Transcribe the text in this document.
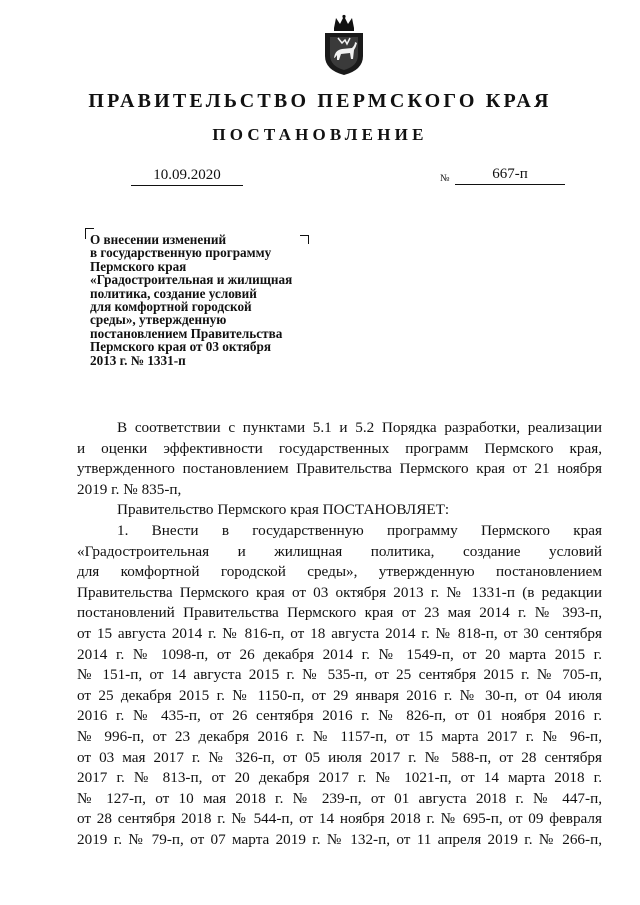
ПРАВИТЕЛЬСТВО ПЕРМСКОГО КРАЯ
ПОСТАНОВЛЕНИЕ
10.09.2020	№	667-п
О внесении изменений
в государственную программу
Пермского края
«Градостроительная и жилищная
политика, создание условий
для комфортной городской
среды», утвержденную
постановлением Правительства
Пермского края от 03 октября
2013 г. № 1331-п
В соответствии с пунктами 5.1 и 5.2 Порядка разработки, реализации
и оценки эффективности государственных программ Пермского края,
утвержденного постановлением Правительства Пермского края от 21 ноября
2019 г. № 835-п,
Правительство Пермского края ПОСТАНОВЛЯЕТ:
1. Внести в государственную программу Пермского края
«Градостроительная и жилищная политика, создание условий
для комфортной городской среды», утвержденную постановлением
Правительства Пермского края от 03 октября 2013 г. № 1331-п (в редакции
постановлений Правительства Пермского края от 23 мая 2014 г. № 393-п,
от 15 августа 2014 г. № 816-п, от 18 августа 2014 г. № 818-п, от 30 сентября
2014 г. № 1098-п, от 26 декабря 2014 г. № 1549-п, от 20 марта 2015 г.
№ 151-п, от 14 августа 2015 г. № 535-п, от 25 сентября 2015 г. № 705-п,
от 25 декабря 2015 г. № 1150-п, от 29 января 2016 г. № 30-п, от 04 июля
2016 г. № 435-п, от 26 сентября 2016 г. № 826-п, от 01 ноября 2016 г.
№ 996-п, от 23 декабря 2016 г. № 1157-п, от 15 марта 2017 г. № 96-п,
от 03 мая 2017 г. № 326-п, от 05 июля 2017 г. № 588-п, от 28 сентября
2017 г. № 813-п, от 20 декабря 2017 г. № 1021-п, от 14 марта 2018 г.
№ 127-п, от 10 мая 2018 г. № 239-п, от 01 августа 2018 г. № 447-п,
от 28 сентября 2018 г. № 544-п, от 14 ноября 2018 г. № 695-п, от 09 февраля
2019 г. № 79-п, от 07 марта 2019 г. № 132-п, от 11 апреля 2019 г. № 266-п,
